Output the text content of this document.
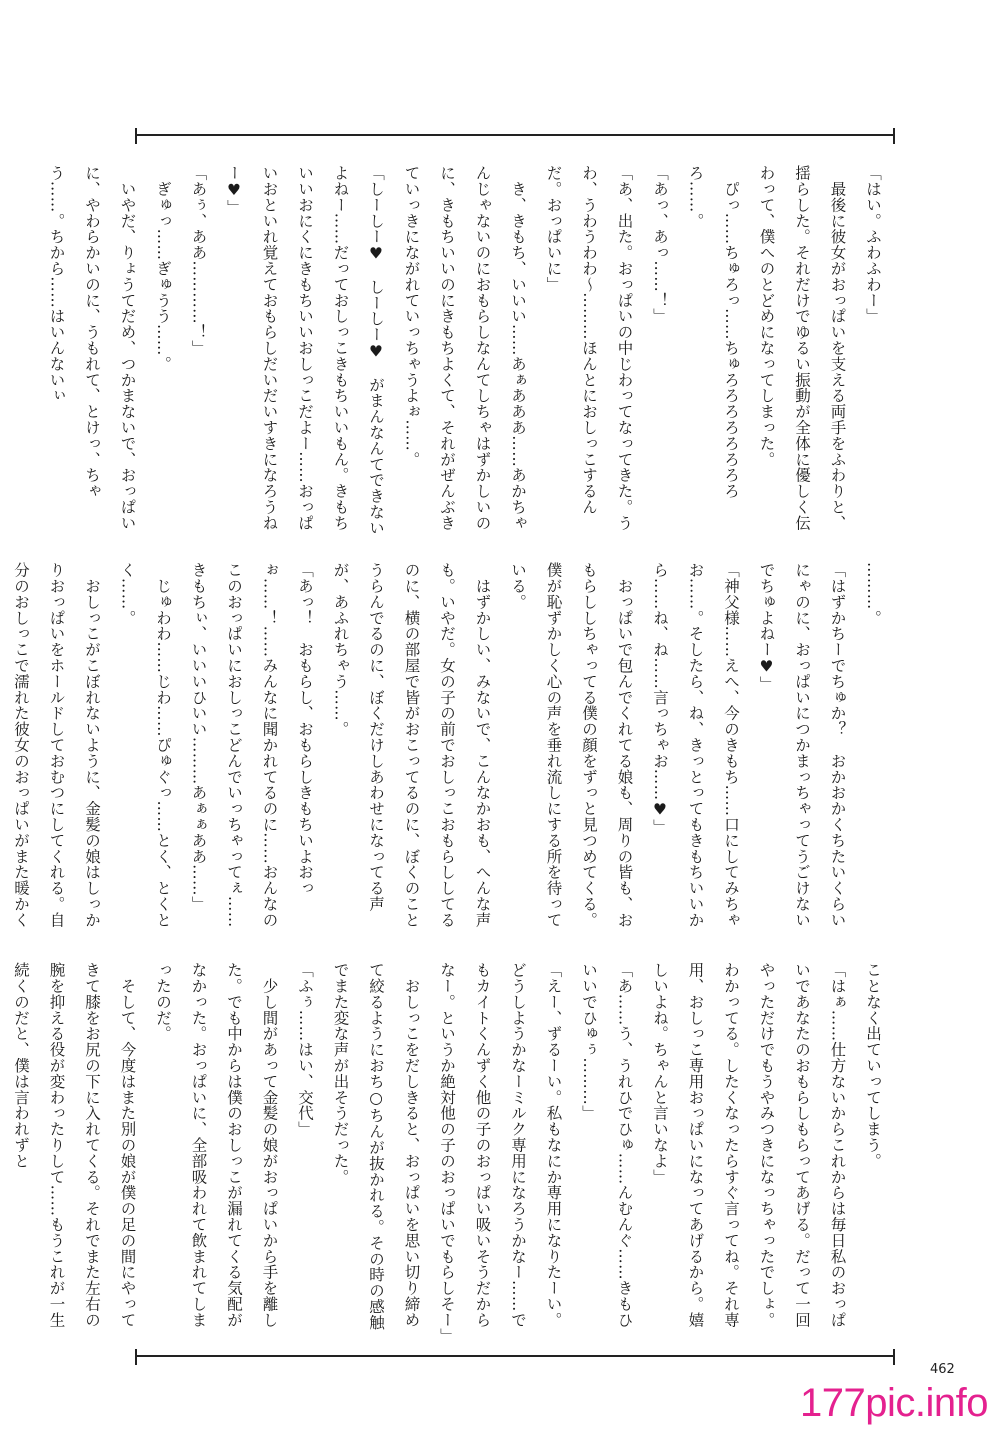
「はい。ふわふわー」

　最後に彼女がおっぱいを支える両手をふわりと、揺らした。それだけでゆるい振動が全体に優しく伝わって、僕へのとどめになってしまった。

　ぴっ……ちゅろっ……ちゅろろろろろろろろろ……。

「あっ、あっ……！」

「あ、出た。おっぱいの中じわってなってきた。うわ、うわうわわ〜………ほんとにおしっこするんだ。おっぱいに」

　き、きもち、いいい……あぁあああ……あかちゃんじゃないのにおもらしなんてしちゃはずかしいのに、きもちいいのにきもちよくて、それがぜんぶきていっきにながれていっちゃうよぉ……。

「しーしー♥　しーしー♥　がまんなんてできないよねー……だっておしっこきもちいいもん。きもちいいおにくにきもちいいおしっこだよー……おっぱいおといれ覚えておもらしだいだいすきになろうねー♥」

「あぅ、ああ…………！」

　ぎゅっ……ぎゅうう……。

　いやだ、りょうてだめ、つかまないで、おっぱいに、やわらかいのに、うもれて、とけっ、ちゃう……。ちから……はいんないぃ

………。

「はずかちーでちゅか？　おかおかくちたいくらいにゃのに、おっぱいにつかまっちゃってうごけないでちゅよねー♥」

「神父様……えへ、今のきもち……口にしてみちゃお……。そしたら、ね、きっとってもきもちいいから……ね、ね……言っちゃお……♥」

　おっぱいで包んでくれてる娘も、周りの皆も、おもらししちゃってる僕の顔をずっと見つめてくる。僕が恥ずかしく心の声を垂れ流しにする所を待っている。

　はずかしい、みないで、こんなかおも、へんな声も。いやだ。女の子の前でおしっこおもらししてるのに、横の部屋で皆がおこってるのに、ぼくのことうらんでるのに、ぼくだけしあわせになってる声が、あふれちゃう……。

「あっ！　おもらし、おもらしきもちいよおっぉ……！……みんなに聞かれてるのに……おんなのこのおっぱいにおしっこどんでいっちゃってぇ……きもちぃ、いいいひいい………あぁぁああ……」

　じゅわわ……じわ……ぴゅぐっ……とく、とくとく……。

　おしっこがこぼれないように、金髪の娘はしっかりおっぱいをホールドしておむつにしてくれる。自分のおしっこで濡れた彼女のおっぱいがまた暖かく

ことなく出ていってしまう。

「はぁ……仕方ないからこれからは毎日私のおっぱいであなたのおもらしもらってあげる。だって一回やっただけでもうやみつきになっちゃったでしょ。わかってる。したくなったらすぐ言ってね。それ専用、おしっこ専用おっぱいになってあげるから。嬉しいよね。ちゃんと言いなよ」

「あ……う、うれひでひゅ……んむんぐ……きもひいいでひゅぅ………」

「えー、ずるーい。私もなにか専用になりたーい。どうしようかなーミルク専用になろうかなー……でもカイトくんずく他の子のおっぱい吸いそうだからなー。というか絶対他の子のおっぱいでもらしそー」

　おしっこをだしきると、おっぱいを思い切り締めて絞るようにおち○ちんが抜かれる。その時の感触でまた変な声が出そうだった。

「ふぅ……はい、交代」

　少し間があって金髪の娘がおっぱいから手を離した。でも中からは僕のおしっこが漏れてくる気配がなかった。おっぱいに、全部吸われて飲まれてしまったのだ。

　そして、今度はまた別の娘が僕の足の間にやってきて膝をお尻の下に入れてくる。それでまた左右の腕を抑える役が変わったりして……もうこれが一生続くのだと、僕は言われずと

462
177pic.info
